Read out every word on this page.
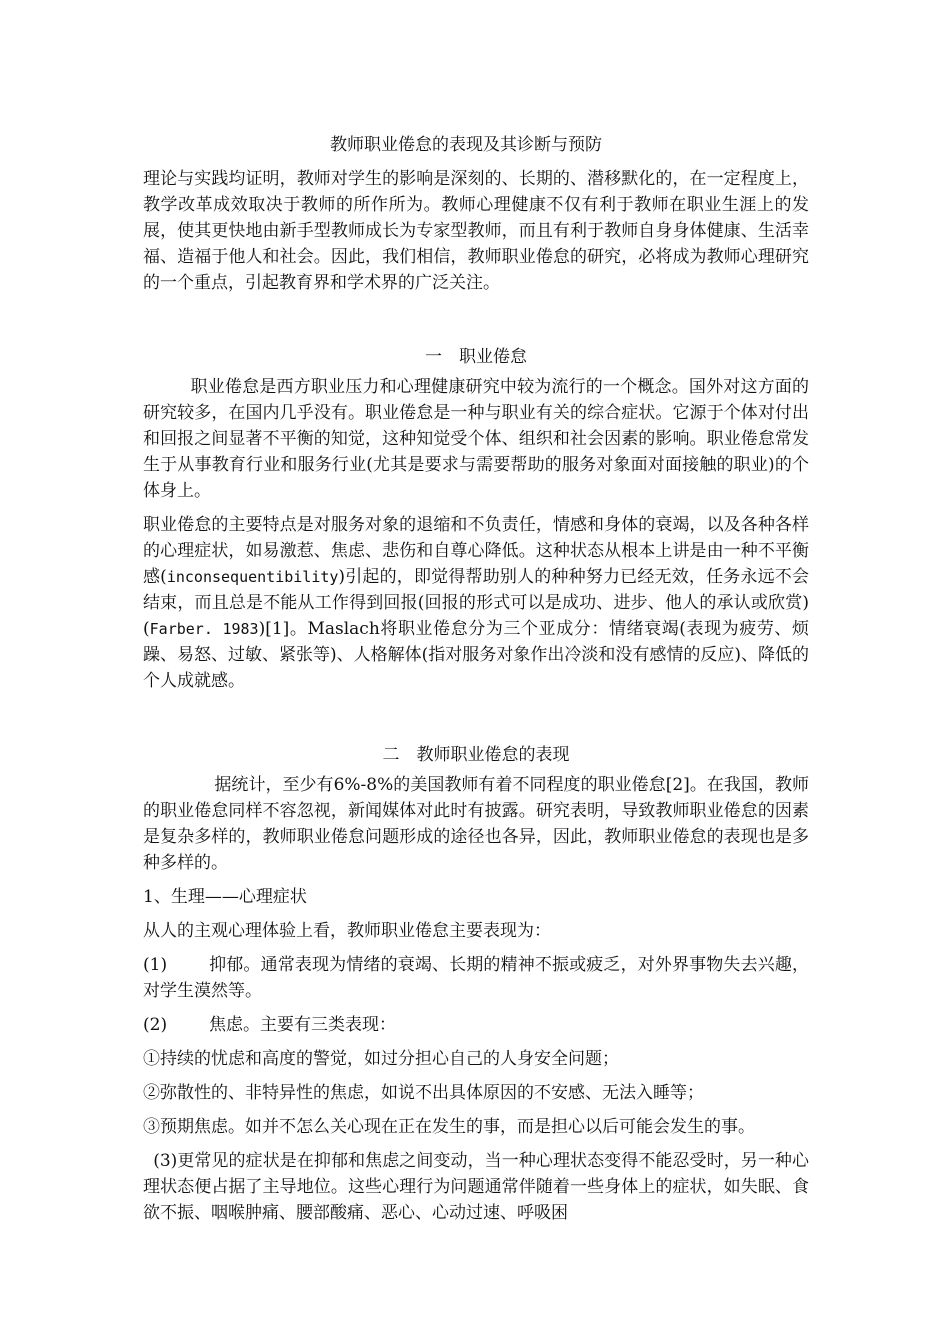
教师职业倦怠的表现及其诊断与预防

理论与实践均证明，教师对学生的影响是深刻的、长期的、潜移默化的，在一定程度上，教学改革成效取决于教师的所作所为。教师心理健康不仅有利于教师在职业生涯上的发展，使其更快地由新手型教师成长为专家型教师，而且有利于教师自身身体健康、生活幸福、造福于他人和社会。因此，我们相信，教师职业倦怠的研究，必将成为教师心理研究的一个重点，引起教育界和学术界的广泛关注。

一　职业倦怠

职业倦怠是西方职业压力和心理健康研究中较为流行的一个概念。国外对这方面的研究较多，在国内几乎没有。职业倦怠是一种与职业有关的综合症状。它源于个体对付出和回报之间显著不平衡的知觉，这种知觉受个体、组织和社会因素的影响。职业倦怠常发生于从事教育行业和服务行业(尤其是要求与需要帮助的服务对象面对面接触的职业)的个体身上。

职业倦怠的主要特点是对服务对象的退缩和不负责任，情感和身体的衰竭，以及各种各样的心理症状，如易激惹、焦虑、悲伤和自尊心降低。这种状态从根本上讲是由一种不平衡感(inconsequentibility)引起的，即觉得帮助别人的种种努力已经无效，任务永远不会结束，而且总是不能从工作得到回报(回报的形式可以是成功、进步、他人的承认或欣赏)(Farber. 1983)[1]。Maslach将职业倦怠分为三个亚成分：情绪衰竭(表现为疲劳、烦躁、易怒、过敏、紧张等)、人格解体(指对服务对象作出冷淡和没有感情的反应)、降低的个人成就感。

二　教师职业倦怠的表现

据统计，至少有6%-8%的美国教师有着不同程度的职业倦怠[2]。在我国，教师的职业倦怠同样不容忽视，新闻媒体对此时有披露。研究表明，导致教师职业倦怠的因素是复杂多样的，教师职业倦怠问题形成的途径也各异，因此，教师职业倦怠的表现也是多种多样的。

1、生理——心理症状

从人的主观心理体验上看，教师职业倦怠主要表现为：

(1) 抑郁。通常表现为情绪的衰竭、长期的精神不振或疲乏，对外界事物失去兴趣，对学生漠然等。

(2) 焦虑。主要有三类表现：

①持续的忧虑和高度的警觉，如过分担心自己的人身安全问题；

②弥散性的、非特异性的焦虑，如说不出具体原因的不安感、无法入睡等；

③预期焦虑。如并不怎么关心现在正在发生的事，而是担心以后可能会发生的事。

(3)更常见的症状是在抑郁和焦虑之间变动，当一种心理状态变得不能忍受时，另一种心理状态便占据了主导地位。这些心理行为问题通常伴随着一些身体上的症状，如失眠、食欲不振、咽喉肿痛、腰部酸痛、恶心、心动过速、呼吸困
